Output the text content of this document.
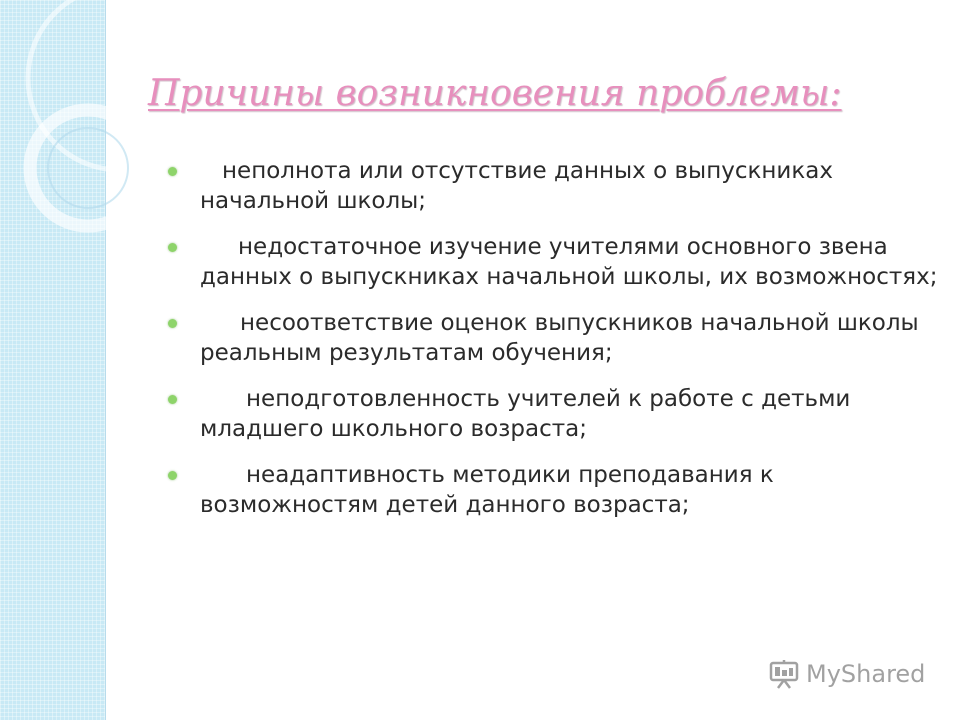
Причины возникновения проблемы:
неполнота или отсутствие данных о выпускниках начальной школы;
недостаточное изучение учителями основного звена данных о выпускниках начальной школы, их возможностях;
несоответствие оценок выпускников начальной школы реальным результатам обучения;
неподготовленность учителей к работе с детьми младшего школьного возраста;
неадаптивность методики преподавания к возможностям детей данного возраста;
MyShared
